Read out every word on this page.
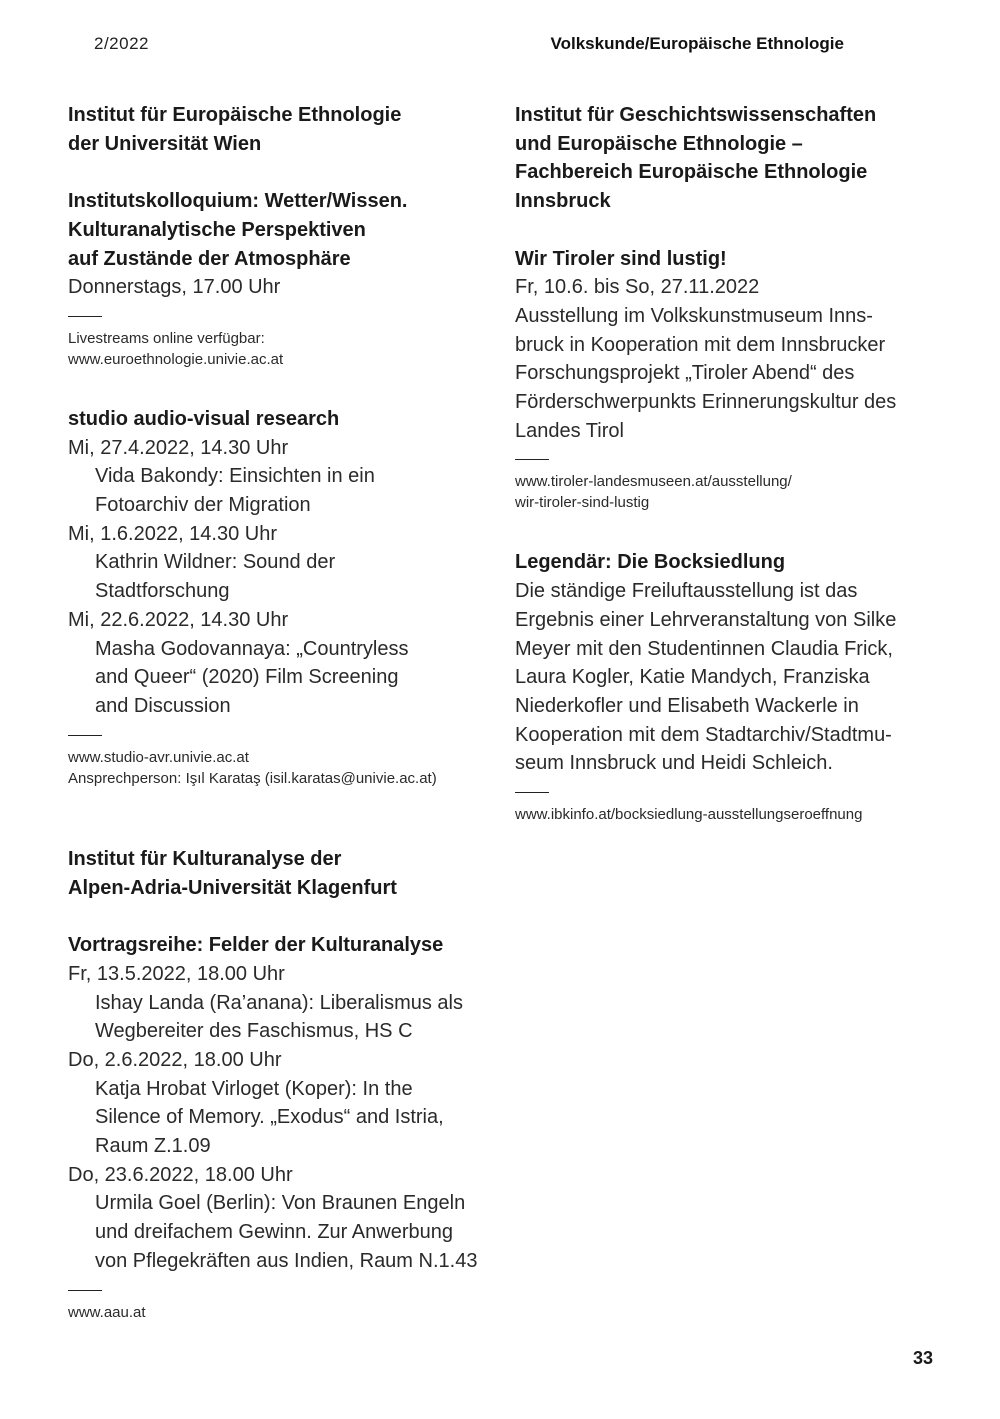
2/2022	Volkskunde/Europäische Ethnologie

Institut für Europäische Ethnologie

der Universität Wien

Institutskolloquium: Wetter/Wissen.

Kulturanalytische Perspektiven

auf Zustände der Atmosphäre

Donnerstags, 17.00 Uhr

Livestreams online verfügbar:

www.euroethnologie.univie.ac.at

studio audio-visual research

Mi, 27.4.2022, 14.30 Uhr

Vida Bakondy: Einsichten in ein

Fotoarchiv der Migration

Mi, 1.6.2022, 14.30 Uhr

Kathrin Wildner: Sound der

Stadtforschung

Mi, 22.6.2022, 14.30 Uhr

Masha Godovannaya: „Countryless

and Queer“ (2020) Film Screening

and Discussion

www.studio-avr.univie.ac.at

Ansprechperson: Işıl Karataş (isil.karatas@univie.ac.at)

Institut für Kulturanalyse der

Alpen-Adria-Universität Klagenfurt

Vortragsreihe: Felder der Kulturanalyse

Fr, 13.5.2022, 18.00 Uhr

Ishay Landa (Ra’anana): Liberalismus als

Wegbereiter des Faschismus, HS C

Do, 2.6.2022, 18.00 Uhr

Katja Hrobat Virloget (Koper): In the

Silence of Memory. „Exodus“ and Istria,

Raum Z.1.09

Do, 23.6.2022, 18.00 Uhr

Urmila Goel (Berlin): Von Braunen Engeln

und dreifachem Gewinn. Zur Anwerbung

von Pflegekräften aus Indien, Raum N.1.43

www.aau.at

Institut für Geschichtswissenschaften

und Europäische Ethnologie –

Fachbereich Europäische Ethnologie

Innsbruck

Wir Tiroler sind lustig!

Fr, 10.6. bis So, 27.11.2022

Ausstellung im Volkskunstmuseum Inns-

bruck in Kooperation mit dem Innsbrucker

Forschungsprojekt „Tiroler Abend“ des

Förderschwerpunkts Erinnerungskultur des

Landes Tirol

www.tiroler-landesmuseen.at/ausstellung/

wir-tiroler-sind-lustig

Legendär: Die Bocksiedlung

Die ständige Freiluftausstellung ist das

Ergebnis einer Lehrveranstaltung von Silke

Meyer mit den Studentinnen Claudia Frick,

Laura Kogler, Katie Mandych, Franziska

Niederkofler und Elisabeth Wackerle in

Kooperation mit dem Stadtarchiv/Stadtmu-

seum Innsbruck und Heidi Schleich.

www.ibkinfo.at/bocksiedlung-ausstellungseroeffnung

33
